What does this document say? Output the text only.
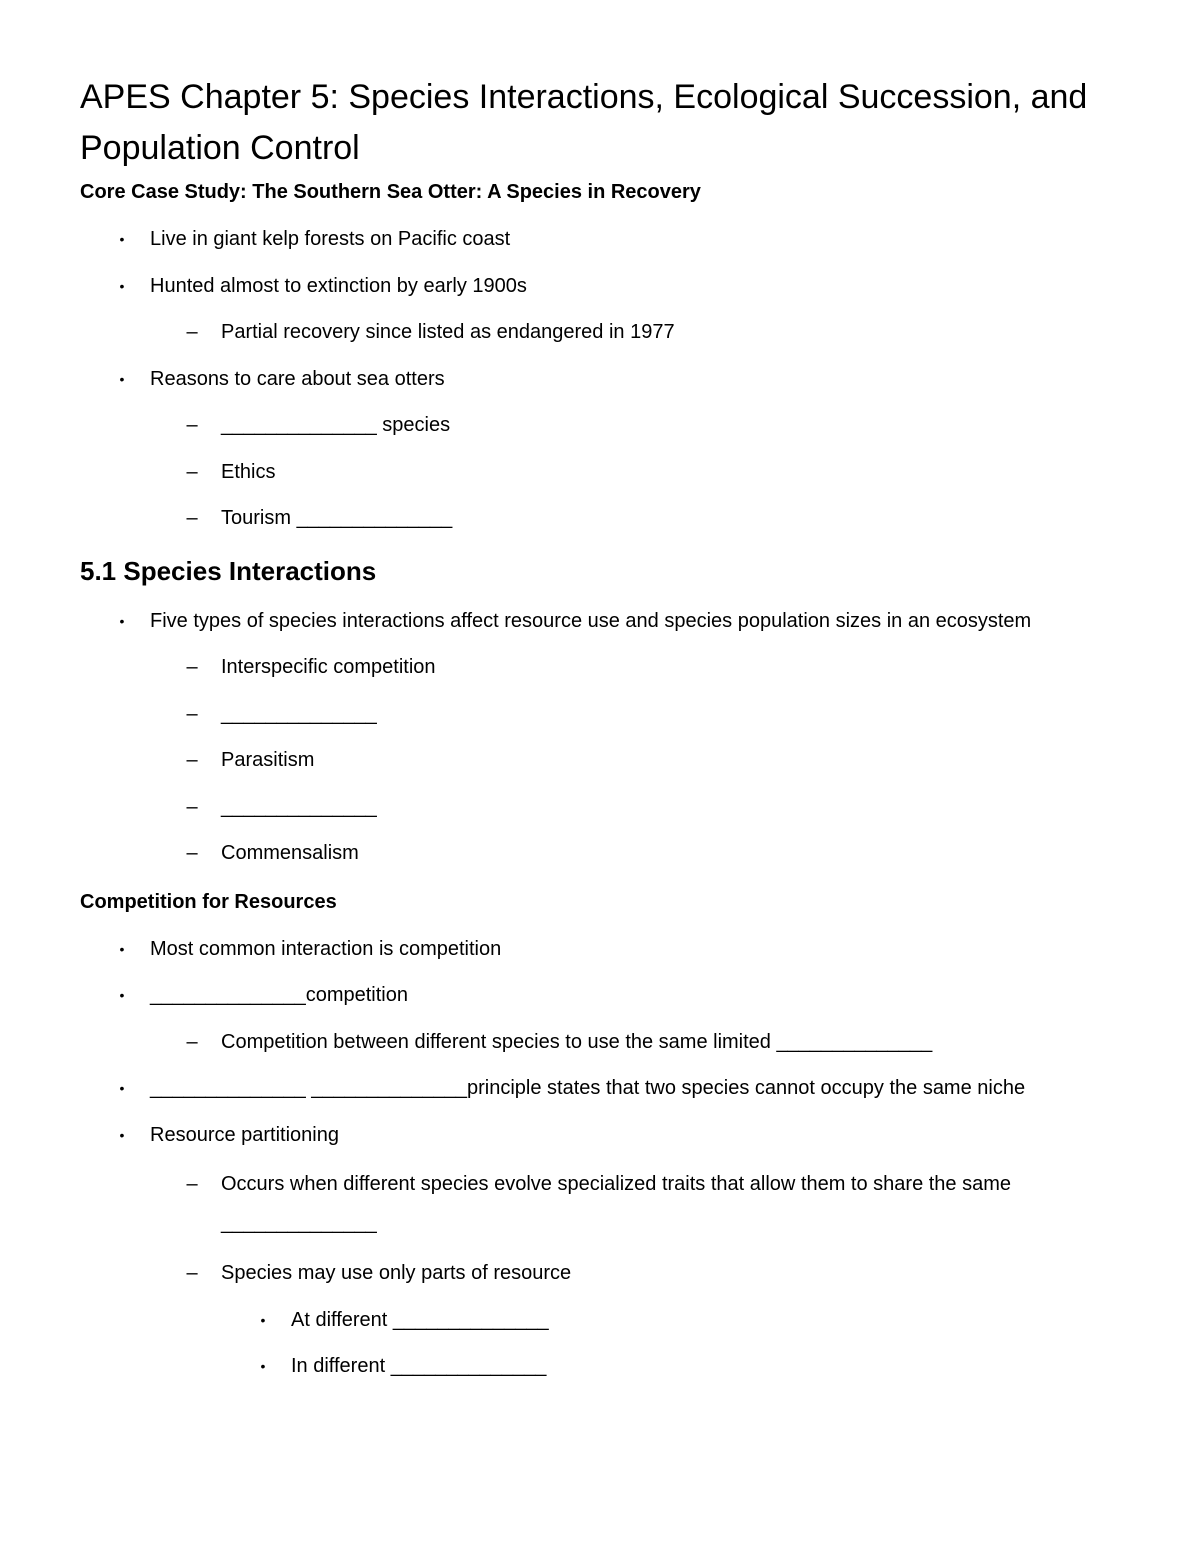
APES Chapter 5: Species Interactions, Ecological Succession, and Population Control
Core Case Study: The Southern Sea Otter: A Species in Recovery
•	Live in giant kelp forests on Pacific coast
•	Hunted almost to extinction by early 1900s
– Partial recovery since listed as endangered in 1977
•	Reasons to care about sea otters
– ______________ species
– Ethics
– Tourism ______________
5.1 Species Interactions
•	Five types of species interactions affect resource use and species population sizes in an ecosystem
– Interspecific competition
– ______________
– Parasitism
– ______________
– Commensalism
Competition for Resources
•	Most common interaction is competition
•	______________competition
– Competition between different species to use the same limited ______________
•	______________ ______________principle states that two species cannot occupy the same niche
•	Resource partitioning
– Occurs when different species evolve specialized traits that allow them to share the same ______________
– Species may use only parts of resource
•	At different ______________
•	In different ______________
